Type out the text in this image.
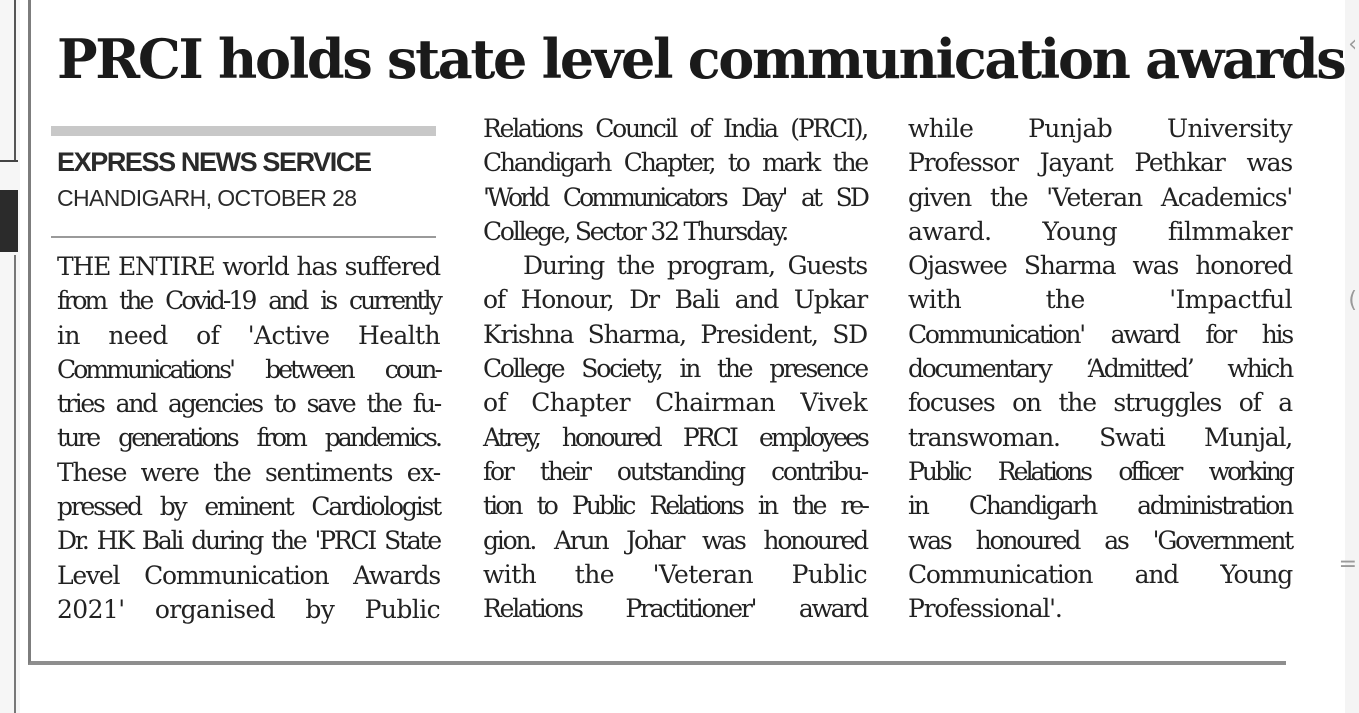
‹
(
=
PRCI holds state level communication awards
EXPRESS NEWS SERVICE
CHANDIGARH, OCTOBER 28
THE ENTIRE world has suffered
from the Covid-19 and is currently
in need of 'Active Health
Communications' between coun-
tries and agencies to save the fu-
ture generations from pandemics.
These were the sentiments ex-
pressed by eminent Cardiologist
Dr. HK Bali during the 'PRCI State
Level Communication Awards
2021' organised by Public
Relations Council of India (PRCI),
Chandigarh Chapter, to mark the
'World Communicators Day' at SD
College, Sector 32 Thursday.
During the program, Guests
of Honour, Dr Bali and Upkar
Krishna Sharma, President, SD
College Society, in the presence
of Chapter Chairman Vivek
Atrey, honoured PRCI employees
for their outstanding contribu-
tion to Public Relations in the re-
gion. Arun Johar was honoured
with the 'Veteran Public
Relations Practitioner' award
while Punjab University
Professor Jayant Pethkar was
given the 'Veteran Academics'
award. Young filmmaker
Ojaswee Sharma was honored
with the 'Impactful
Communication' award for his
documentary ‘Admitted’ which
focuses on the struggles of a
transwoman. Swati Munjal,
Public Relations officer working
in Chandigarh administration
was honoured as 'Government
Communication and Young
Professional'.
